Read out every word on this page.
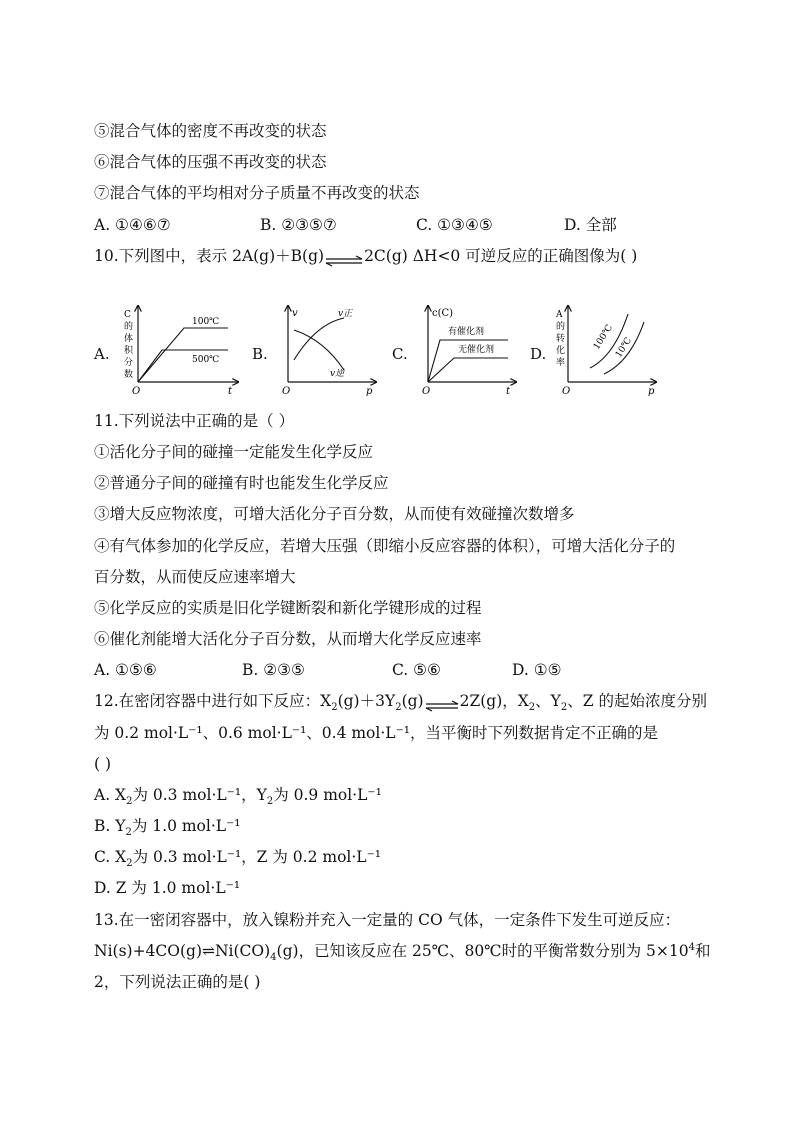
⑤混合气体的密度不再改变的状态
⑥混合气体的压强不再改变的状态
⑦混合气体的平均相对分子质量不再改变的状态
A. ①④⑥⑦	B. ②③⑤⑦	C. ①③④⑤	D. 全部
10.下列图中，表示 2A(g)＋B(g)⇌2C(g) ΔH<0 可逆反应的正确图像为( )
A.	B.	C.	D.
C
的
体
积
分
数
100℃
500℃
O	t
v	v正
v逆
O	p
c(C)
有催化剂
无催化剂
O	t
A
的
转
化
率
100℃ 10℃
O	p
11.下列说法中正确的是（ ）
①活化分子间的碰撞一定能发生化学反应
②普通分子间的碰撞有时也能发生化学反应
③增大反应物浓度，可增大活化分子百分数，从而使有效碰撞次数增多
④有气体参加的化学反应，若增大压强（即缩小反应容器的体积），可增大活化分子的
百分数，从而使反应速率增大
⑤化学反应的实质是旧化学键断裂和新化学键形成的过程
⑥催化剂能增大活化分子百分数，从而增大化学反应速率
A. ①⑤⑥	B. ②③⑤	C. ⑤⑥	D. ①⑤
12.在密闭容器中进行如下反应：$X_2(g)+3Y_2(g)\rightleftharpoons 2Z(g)$，$X_2$、$Y_2$、Z 的起始浓度分别
为 0.2 mol·L⁻¹、0.6 mol·L⁻¹、0.4 mol·L⁻¹，当平衡时下列数据肯定不正确的是
( )
A. $X_2$为 0.3 mol·L⁻¹，$Y_2$为 0.9 mol·L⁻¹
B. $Y_2$为 1.0 mol·L⁻¹
C. $X_2$为 0.3 mol·L⁻¹，Z 为 0.2 mol·L⁻¹
D. Z 为 1.0 mol·L⁻¹
13.在一密闭容器中，放入镍粉并充入一定量的 CO 气体，一定条件下发生可逆反应：
$Ni(s)+4CO(g)\rightleftharpoons Ni(CO)_4(g)$，已知该反应在 25℃、80℃时的平衡常数分别为 $5\times 10^4$和
2，下列说法正确的是( )
